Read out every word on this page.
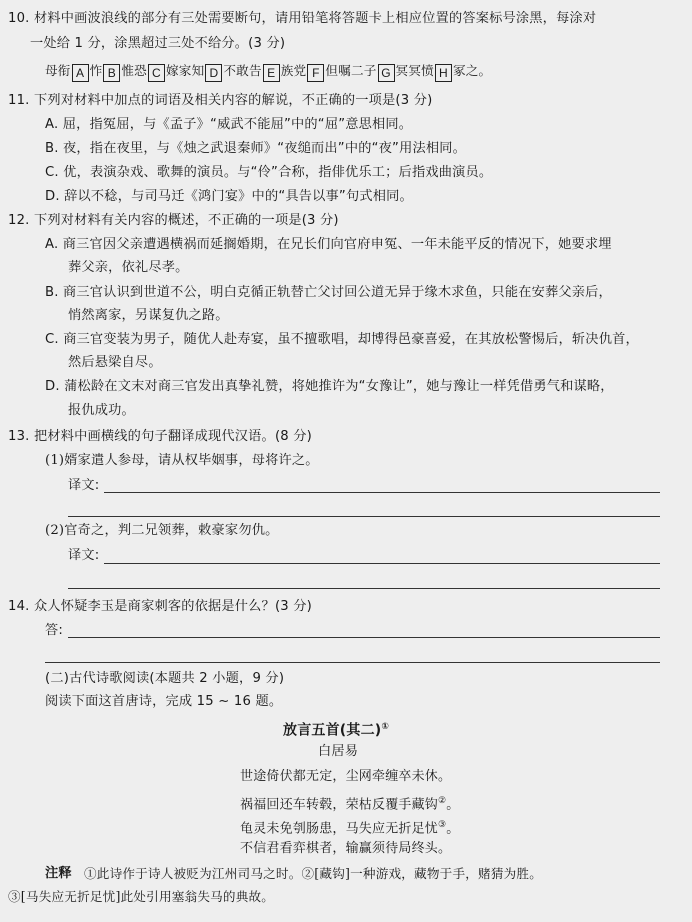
10. 材料中画波浪线的部分有三处需要断句，请用铅笔将答题卡上相应位置的答案标号涂黑，每涂对
一处给 1 分，涂黑超过三处不给分。(3 分)
母衔 A 怍 B 惟恐 C 嫁家知 D 不敢告 E 族党 F 但嘱二子 G 冥冥愤 H 冢之。
11. 下列对材料中加点的词语及相关内容的解说，不正确的一项是(3 分)
A. 屈，指冤屈，与《孟子》“威武不能屈”中的“屈”意思相同。
B. 夜，指在夜里，与《烛之武退秦师》“夜缒而出”中的“夜”用法相同。
C. 优，表演杂戏、歌舞的演员。与“伶”合称，指俳优乐工；后指戏曲演员。
D. 辞以不稔，与司马迁《鸿门宴》中的“具告以事”句式相同。
12. 下列对材料有关内容的概述，不正确的一项是(3 分)
A. 商三官因父亲遭遇横祸而延搁婚期，在兄长们向官府申冤、一年未能平反的情况下，她要求埋
葬父亲，依礼尽孝。
B. 商三官认识到世道不公，明白克循正轨替亡父讨回公道无异于缘木求鱼，只能在安葬父亲后，
悄然离家，另谋复仇之路。
C. 商三官变装为男子，随优人赴寿宴，虽不擅歌唱，却博得邑豪喜爱，在其放松警惕后，斩决仇首，
然后悬梁自尽。
D. 蒲松龄在文末对商三官发出真挚礼赞，将她推许为“女豫让”，她与豫让一样凭借勇气和谋略，
报仇成功。
13. 把材料中画横线的句子翻译成现代汉语。(8 分)
(1)婿家遣人参母，请从权毕姻事，母将许之。
译文:
(2)官奇之，判二兄领葬，敕豪家勿仇。
译文:
14. 众人怀疑李玉是商家刺客的依据是什么？(3 分)
答:
(二)古代诗歌阅读(本题共 2 小题，9 分)
阅读下面这首唐诗，完成 15 ~ 16 题。
放言五首(其二)①
白居易
世途倚伏都无定，尘网牵缠卒未休。
祸福回还车转毂，荣枯反覆手藏钩②。
龟灵未免刳肠患，马失应无折足忧③。
不信君看弈棋者，输赢须待局终头。
注释 ①此诗作于诗人被贬为江州司马之时。②[藏钩]一种游戏，藏物于手，赌猜为胜。
③[马失应无折足忧]此处引用塞翁失马的典故。
